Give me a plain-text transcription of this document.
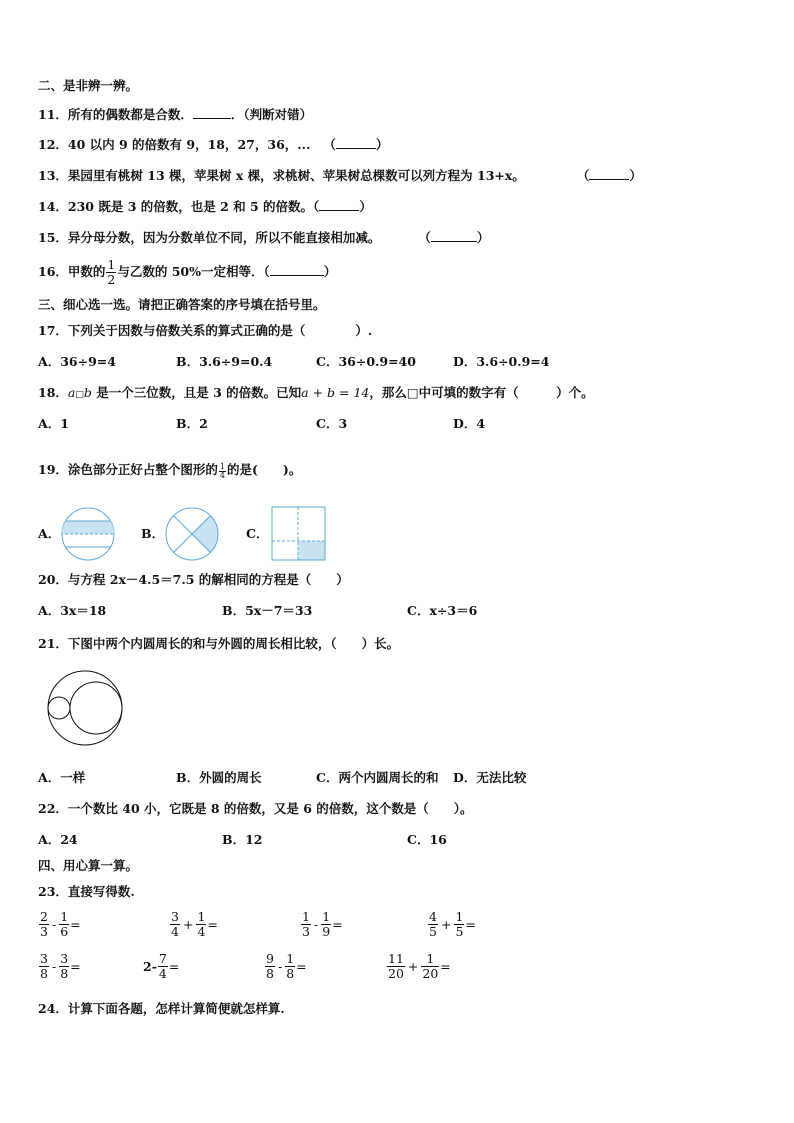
二、是非辨一辨。
11．所有的偶数都是合数．	．（判断对错）
12．40 以内 9 的倍数有 9，18，27，36，... （	）
13．果园里有桃树 13 棵，苹果树 x 棵，求桃树、苹果树总棵数可以列方程为 13+x。	（	）
14．230 既是 3 的倍数，也是 2 和 5 的倍数。（	）
15．异分母分数，因为分数单位不同，所以不能直接相加减。	（	）
16．甲数的 $\frac{1}{2}$ 与乙数的 50%一定相等．（	）
三、细心选一选。请把正确答案的序号填在括号里。
17．下列关于因数与倍数关系的算式正确的是（　　　　）.
A．36÷9=4	B．3.6÷9=0.4	C．36÷0.9=40	D．3.6÷0.9=4
18．a□b 是一个三位数，且是 3 的倍数。已知a + b = 14，那么□中可填的数字有（　　　）个。
A．1	B．2	C．3	D．4
19．涂色部分正好占整个图形的 $\frac{1}{4}$ 的是(　　)。
A．	B．	C．
20．与方程 2x－4.5＝7.5 的解相同的方程是（　　）
A．3x＝18	B．5x－7＝33	C．x÷3＝6
21．下图中两个内圆周长的和与外圆的周长相比较，（　　）长。
A．一样	B．外圆的周长	C．两个内圆周长的和 D．无法比较
22．一个数比 40 小，它既是 8 的倍数，又是 6 的倍数，这个数是（　　）。
A．24	B．12	C．16
四、用心算一算。
23．直接写得数.
$\frac{2}{3} - \frac{1}{6}$ =	$\frac{3}{4} + \frac{1}{4}$ =	$\frac{1}{3} - \frac{1}{9}$ =	$\frac{4}{5} + \frac{1}{5}$ =
$\frac{3}{8} - \frac{3}{8}$ =	$2- \frac{7}{4}$ =	$\frac{9}{8} - \frac{1}{8}$ =	$\frac{11}{20} + \frac{1}{20}$ =
24．计算下面各题，怎样计算简便就怎样算.
